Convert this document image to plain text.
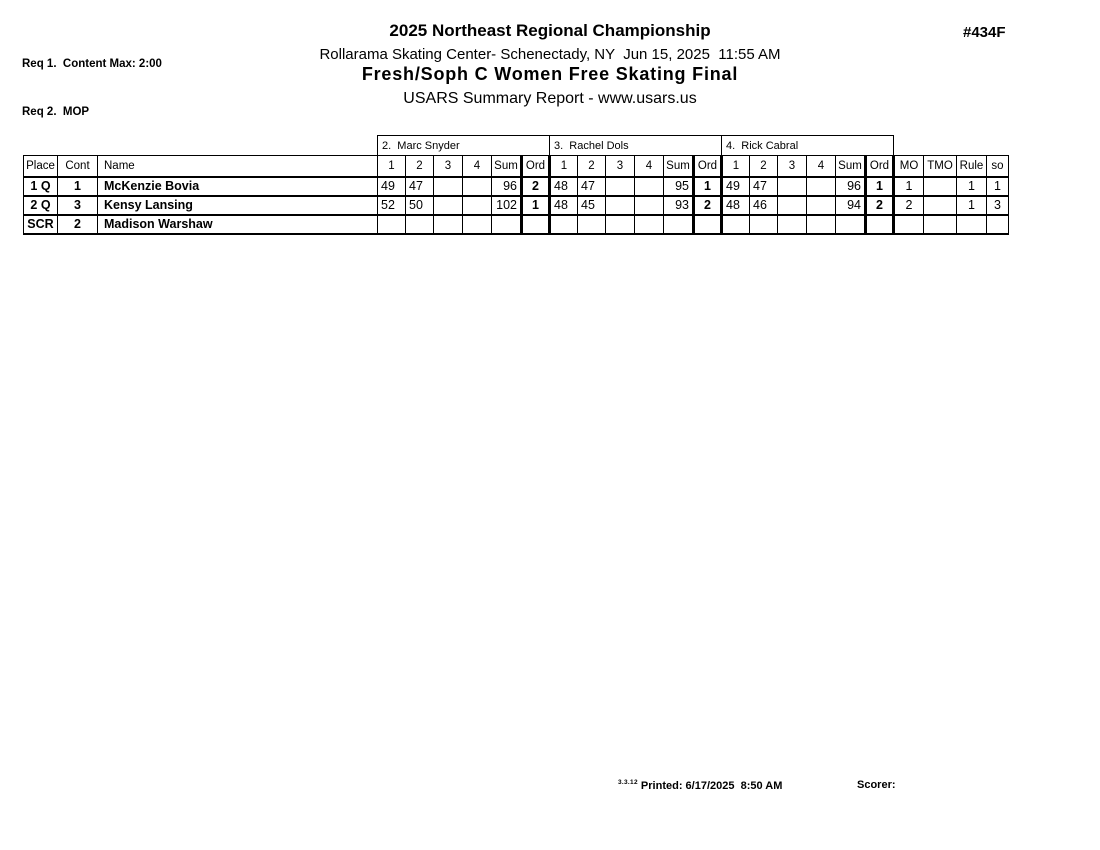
Req 1.  Content Max: 2:00

Req 2.  MOP

2025 Northeast Regional Championship
Rollarama Skating Center- Schenectady, NY  Jun 15, 2025  11:55 AM
Fresh/Soph C Women Free Skating Final
USARS Summary Report - www.usars.us
#434F
			2.  Marc Snyder						3.  Rachel Dols						4.  Rick Cabral									
Place	Cont	Name	1	2	3	4	Sum	Ord	1	2	3	4	Sum	Ord	1	2	3	4	Sum	Ord	MO	TMO	Rule	so
1 Q	1	McKenzie Bovia	49	47			96	2	48	47			95	1	49	47			96	1	1		1	1
2 Q	3	Kensy Lansing	52	50			102	1	48	45			93	2	48	46			94	2	2		1	3
SCR	2	Madison Warshaw																						
$^{3.3.12}$ Printed: 6/17/2025  8:50 AM	Scorer:
